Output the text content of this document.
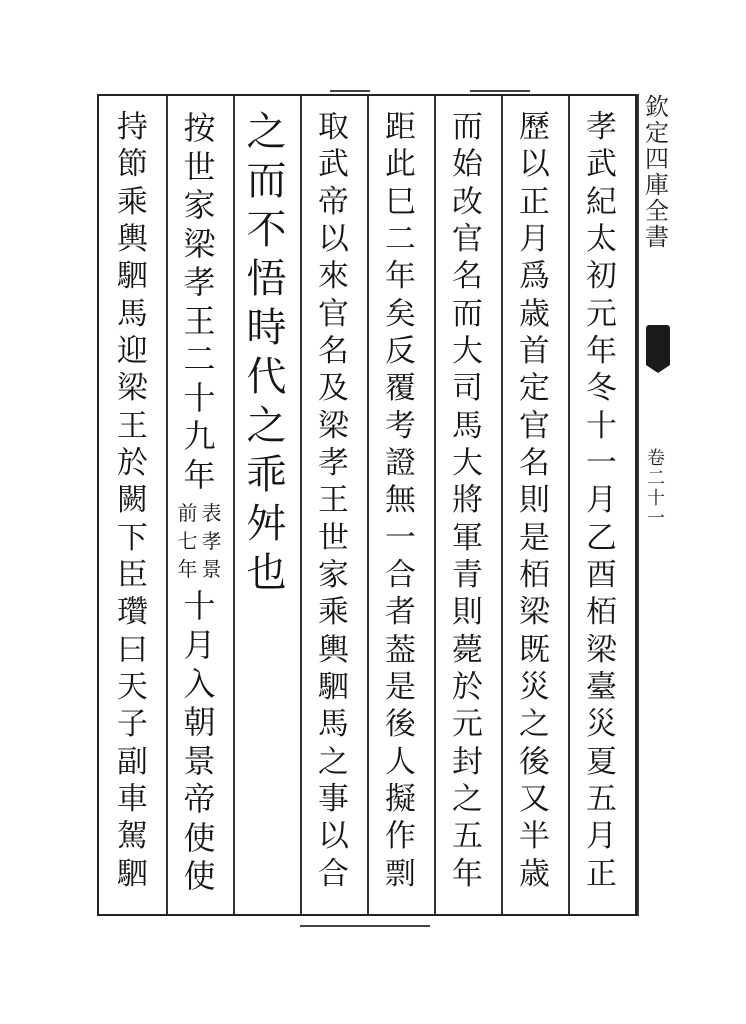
欽
定
四
庫
全
書
卷
二
十
一
孝
武
紀
太
初
元
年
冬
十
一
月
乙
酉
栢
梁
臺
災
夏
五
月
正
歷
以
正
月
爲
歳
首
定
官
名
則
是
栢
梁
既
災
之
後
又
半
歳
而
始
改
官
名
而
大
司
馬
大
將
軍
青
則
薨
於
元
封
之
五
年
距
此
巳
二
年
矣
反
覆
考
證
無
一
合
者
葢
是
後
人
擬
作
剽
取
武
帝
以
來
官
名
及
梁
孝
王
世
家
乘
輿
駟
馬
之
事
以
合
之
而
不
悟
時
代
之
乖
舛
也
按
世
家
梁
孝
王
二
十
九
年
表
孝
景
前
七
年
十
月
入
朝
景
帝
使
使
持
節
乘
輿
駟
馬
迎
梁
王
於
闕
下
臣
瓚
曰
天
子
副
車
駕
駟
